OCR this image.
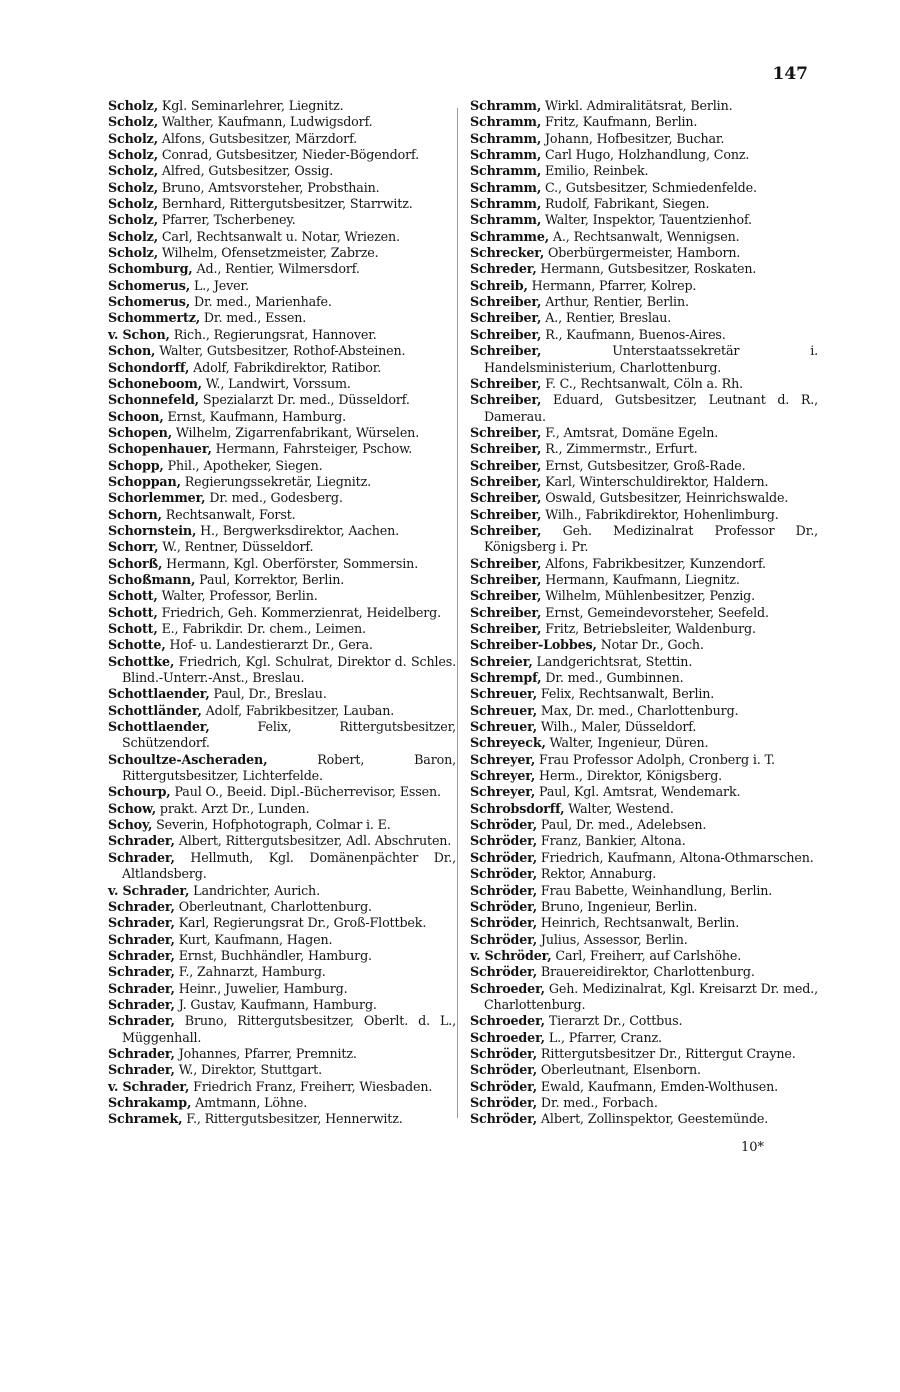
147

Scholz, Kgl. Seminarlehrer, Liegnitz.

Scholz, Walther, Kaufmann, Ludwigsdorf.

Scholz, Alfons, Gutsbesitzer, Märzdorf.

Scholz, Conrad, Gutsbesitzer, Nieder-Bögendorf.

Scholz, Alfred, Gutsbesitzer, Ossig.

Scholz, Bruno, Amtsvorsteher, Probsthain.

Scholz, Bernhard, Rittergutsbesitzer, Starrwitz.

Scholz, Pfarrer, Tscherbeney.

Scholz, Carl, Rechtsanwalt u. Notar, Wriezen.

Scholz, Wilhelm, Ofensetzmeister, Zabrze.

Schomburg, Ad., Rentier, Wilmersdorf.

Schomerus, L., Jever.

Schomerus, Dr. med., Marienhafe.

Schommertz, Dr. med., Essen.

v. Schon, Rich., Regierungsrat, Hannover.

Schon, Walter, Gutsbesitzer, Rothof-Absteinen.

Schondorff, Adolf, Fabrikdirektor, Ratibor.

Schoneboom, W., Landwirt, Vorssum.

Schonnefeld, Spezialarzt Dr. med., Düsseldorf.

Schoon, Ernst, Kaufmann, Hamburg.

Schopen, Wilhelm, Zigarrenfabrikant, Würselen.

Schopenhauer, Hermann, Fahrsteiger, Pschow.

Schopp, Phil., Apotheker, Siegen.

Schoppan, Regierungssekretär, Liegnitz.

Schorlemmer, Dr. med., Godesberg.

Schorn, Rechtsanwalt, Forst.

Schornstein, H., Bergwerksdirektor, Aachen.

Schorr, W., Rentner, Düsseldorf.

Schorß, Hermann, Kgl. Oberförster, Sommersin.

Schoßmann, Paul, Korrektor, Berlin.

Schott, Walter, Professor, Berlin.

Schott, Friedrich, Geh. Kommerzienrat, Heidelberg.

Schott, E., Fabrikdir. Dr. chem., Leimen.

Schotte, Hof- u. Landestierarzt Dr., Gera.

Schottke, Friedrich, Kgl. Schulrat, Direktor d. Schles. Blind.-Unterr.-Anst., Breslau.

Schottlaender, Paul, Dr., Breslau.

Schottländer, Adolf, Fabrikbesitzer, Lauban.

Schottlaender,	Felix, Rittergutsbesitzer, Schützendorf.

Schoultze-Ascheraden,	Robert, Baron, Rittergutsbesitzer, Lichterfelde.

Schourp, Paul O., Beeid. Dipl.-Bücherrevisor, Essen.

Schow, prakt. Arzt Dr., Lunden.

Schoy, Severin, Hofphotograph, Colmar i. E.

Schrader, Albert, Rittergutsbesitzer, Adl. Abschruten.

Schrader, Hellmuth, Kgl. Domänenpächter Dr., Altlandsberg.

v. Schrader, Landrichter, Aurich.

Schrader, Oberleutnant, Charlottenburg.

Schrader, Karl, Regierungsrat Dr., Groß-Flottbek.

Schrader, Kurt, Kaufmann, Hagen.

Schrader, Ernst, Buchhändler, Hamburg.

Schrader, F., Zahnarzt, Hamburg.

Schrader, Heinr., Juwelier, Hamburg.

Schrader, J. Gustav, Kaufmann, Hamburg.

Schrader, Bruno, Rittergutsbesitzer, Oberlt. d. L., Müggenhall.

Schrader, Johannes, Pfarrer, Premnitz.

Schrader, W., Direktor, Stuttgart.

v. Schrader, Friedrich Franz, Freiherr, Wiesbaden.

Schrakamp, Amtmann, Löhne.

Schramek, F., Rittergutsbesitzer, Hennerwitz.

Schramm, Wirkl. Admiralitätsrat, Berlin.

Schramm, Fritz, Kaufmann, Berlin.

Schramm, Johann, Hofbesitzer, Buchar.

Schramm, Carl Hugo, Holzhandlung, Conz.

Schramm, Emilio, Reinbek.

Schramm, C., Gutsbesitzer, Schmiedenfelde.

Schramm, Rudolf, Fabrikant, Siegen.

Schramm, Walter, Inspektor, Tauentzienhof.

Schramme, A., Rechtsanwalt, Wennigsen.

Schrecker, Oberbürgermeister, Hamborn.

Schreder, Hermann, Gutsbesitzer, Roskaten.

Schreib, Hermann, Pfarrer, Kolrep.

Schreiber, Arthur, Rentier, Berlin.

Schreiber, A., Rentier, Breslau.

Schreiber, R., Kaufmann, Buenos-Aires.

Schreiber,	Unterstaatssekretär i. Handelsministerium, Charlottenburg.

Schreiber, F. C., Rechtsanwalt, Cöln a. Rh.

Schreiber, Eduard, Gutsbesitzer, Leutnant d. R., Damerau.

Schreiber, F., Amtsrat, Domäne Egeln.

Schreiber, R., Zimmermstr., Erfurt.

Schreiber, Ernst, Gutsbesitzer, Groß-Rade.

Schreiber, Karl, Winterschuldirektor, Haldern.

Schreiber, Oswald, Gutsbesitzer, Heinrichswalde.

Schreiber, Wilh., Fabrikdirektor, Hohenlimburg.

Schreiber, Geh. Medizinalrat Professor Dr., Königsberg i. Pr.

Schreiber, Alfons, Fabrikbesitzer, Kunzendorf.

Schreiber, Hermann, Kaufmann, Liegnitz.

Schreiber, Wilhelm, Mühlenbesitzer, Penzig.

Schreiber, Ernst, Gemeindevorsteher, Seefeld.

Schreiber, Fritz, Betriebsleiter, Waldenburg.

Schreiber-Lobbes, Notar Dr., Goch.

Schreier, Landgerichtsrat, Stettin.

Schrempf, Dr. med., Gumbinnen.

Schreuer, Felix, Rechtsanwalt, Berlin.

Schreuer, Max, Dr. med., Charlottenburg.

Schreuer, Wilh., Maler, Düsseldorf.

Schreyeck, Walter, Ingenieur, Düren.

Schreyer, Frau Professor Adolph, Cronberg i. T.

Schreyer, Herm., Direktor, Königsberg.

Schreyer, Paul, Kgl. Amtsrat, Wendemark.

Schrobsdorff, Walter, Westend.

Schröder, Paul, Dr. med., Adelebsen.

Schröder, Franz, Bankier, Altona.

Schröder, Friedrich, Kaufmann, Altona-Othmarschen.

Schröder, Rektor, Annaburg.

Schröder, Frau Babette, Weinhandlung, Berlin.

Schröder, Bruno, Ingenieur, Berlin.

Schröder, Heinrich, Rechtsanwalt, Berlin.

Schröder, Julius, Assessor, Berlin.

v. Schröder, Carl, Freiherr, auf Carlshöhe.

Schröder, Brauereidirektor, Charlottenburg.

Schroeder, Geh. Medizinalrat, Kgl. Kreisarzt Dr. med., Charlottenburg.

Schroeder, Tierarzt Dr., Cottbus.

Schroeder, L., Pfarrer, Cranz.

Schröder, Rittergutsbesitzer Dr., Rittergut Crayne.

Schröder, Oberleutnant, Elsenborn.

Schröder, Ewald, Kaufmann, Emden-Wolthusen.

Schröder, Dr. med., Forbach.

Schröder, Albert, Zollinspektor, Geestemünde.

10*
